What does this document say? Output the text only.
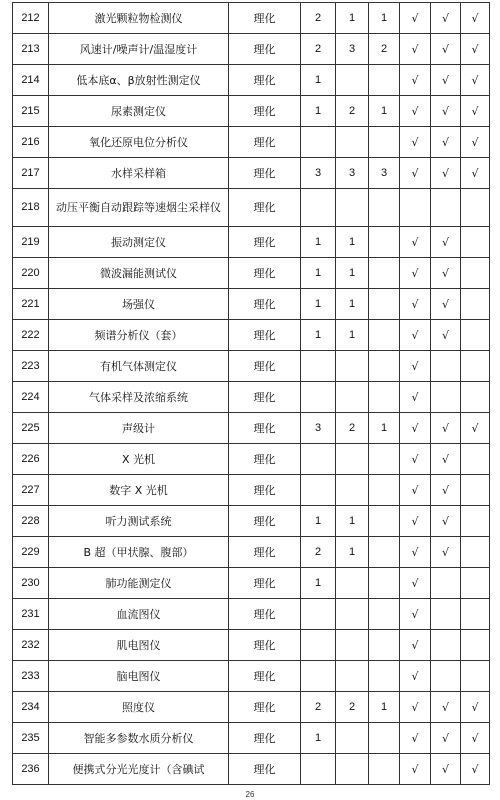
212	激光颗粒物检测仪	理化	2	1	1	√	√	√
213	风速计/噪声计/温湿度计	理化	2	3	2	√	√	√
214	低本底α、β放射性测定仪	理化	1			√	√	√
215	尿素测定仪	理化	1	2	1	√	√	√
216	氧化还原电位分析仪	理化				√	√	√
217	水样采样箱	理化	3	3	3	√	√	√
218	动压平衡自动跟踪等速烟尘采样仪	理化						
219	振动测定仪	理化	1	1		√	√	
220	微波漏能测试仪	理化	1	1		√	√	
221	场强仪	理化	1	1		√	√	
222	频谱分析仪（套）	理化	1	1		√	√	
223	有机气体测定仪	理化				√		
224	气体采样及浓缩系统	理化				√		
225	声级计	理化	3	2	1	√	√	√
226	X 光机	理化				√	√	
227	数字 X 光机	理化				√	√	
228	听力测试系统	理化	1	1		√	√	
229	B 超（甲状腺、腹部）	理化	2	1		√	√	
230	肺功能测定仪	理化	1			√		
231	血流图仪	理化				√		
232	肌电图仪	理化				√		
233	脑电图仪	理化				√		
234	照度仪	理化	2	2	1	√	√	√
235	智能多参数水质分析仪	理化	1			√	√	√
236	便携式分光光度计（含碘试	理化				√	√	√
26
